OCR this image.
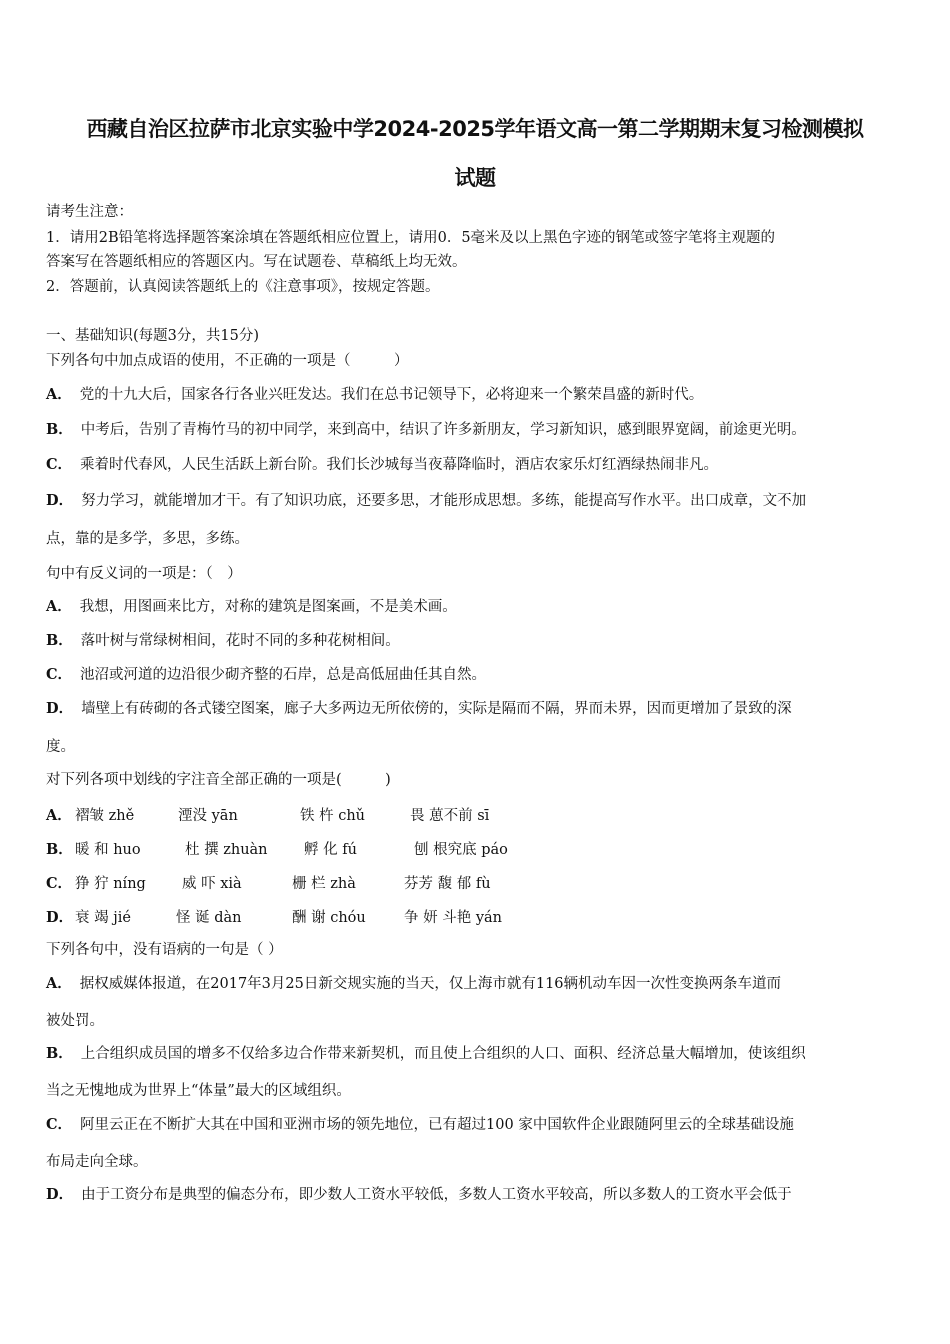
西藏自治区拉萨市北京实验中学2024-2025学年语文高一第二学期期末复习检测模拟
试题
请考生注意：
1．请用2B铅笔将选择题答案涂填在答题纸相应位置上，请用0．5毫米及以上黑色字迹的钢笔或签字笔将主观题的
答案写在答题纸相应的答题区内。写在试题卷、草稿纸上均无效。
2．答题前，认真阅读答题纸上的《注意事项》，按规定答题。
一、基础知识(每题3分，共15分)
下列各句中加点成语的使用，不正确的一项是（　　　）
A． 党的十九大后，国家各行各业兴旺发达。我们在总书记领导下，必将迎来一个繁荣昌盛的新时代。
B． 中考后，告别了青梅竹马的初中同学，来到高中，结识了许多新朋友，学习新知识，感到眼界宽阔，前途更光明。
C． 乘着时代春风，人民生活跃上新台阶。我们长沙城每当夜幕降临时，酒店农家乐灯红酒绿热闹非凡。
D． 努力学习，就能增加才干。有了知识功底，还要多思，才能形成思想。多练，能提高写作水平。出口成章，文不加
点，靠的是多学，多思，多练。
句中有反义词的一项是：（　）
A． 我想，用图画来比方，对称的建筑是图案画，不是美术画。
B． 落叶树与常绿树相间，花时不同的多种花树相间。
C． 池沼或河道的边沿很少砌齐整的石岸，总是高低屈曲任其自然。
D． 墙壁上有砖砌的各式镂空图案，廊子大多两边无所依傍的，实际是隔而不隔，界而未界，因而更增加了景致的深
度。
对下列各项中划线的字注音全部正确的一项是(　　　)
A． 褶皱 zhě	湮没 yān	铁 杵 chǔ	畏 葸不前 sī
B． 暖 和 huo	杜 撰 zhuàn	孵 化 fú	刨 根究底 páo
C． 狰 狞 níng 威 吓 xià	栅 栏 zhà	芬芳 馥 郁 fù
D． 衰 竭 jié	怪 诞 dàn	酬 谢 chóu	争 妍 斗艳 yán
下列各句中，没有语病的一句是（ ）
A． 据权威媒体报道，在2017年3月25日新交规实施的当天，仅上海市就有116辆机动车因一次性变换两条车道而
被处罚。
B． 上合组织成员国的增多不仅给多边合作带来新契机，而且使上合组织的人口、面积、经济总量大幅增加，使该组织
当之无愧地成为世界上“体量”最大的区域组织。
C． 阿里云正在不断扩大其在中国和亚洲市场的领先地位，已有超过100 家中国软件企业跟随阿里云的全球基础设施
布局走向全球。
D． 由于工资分布是典型的偏态分布，即少数人工资水平较低，多数人工资水平较高，所以多数人的工资水平会低于
